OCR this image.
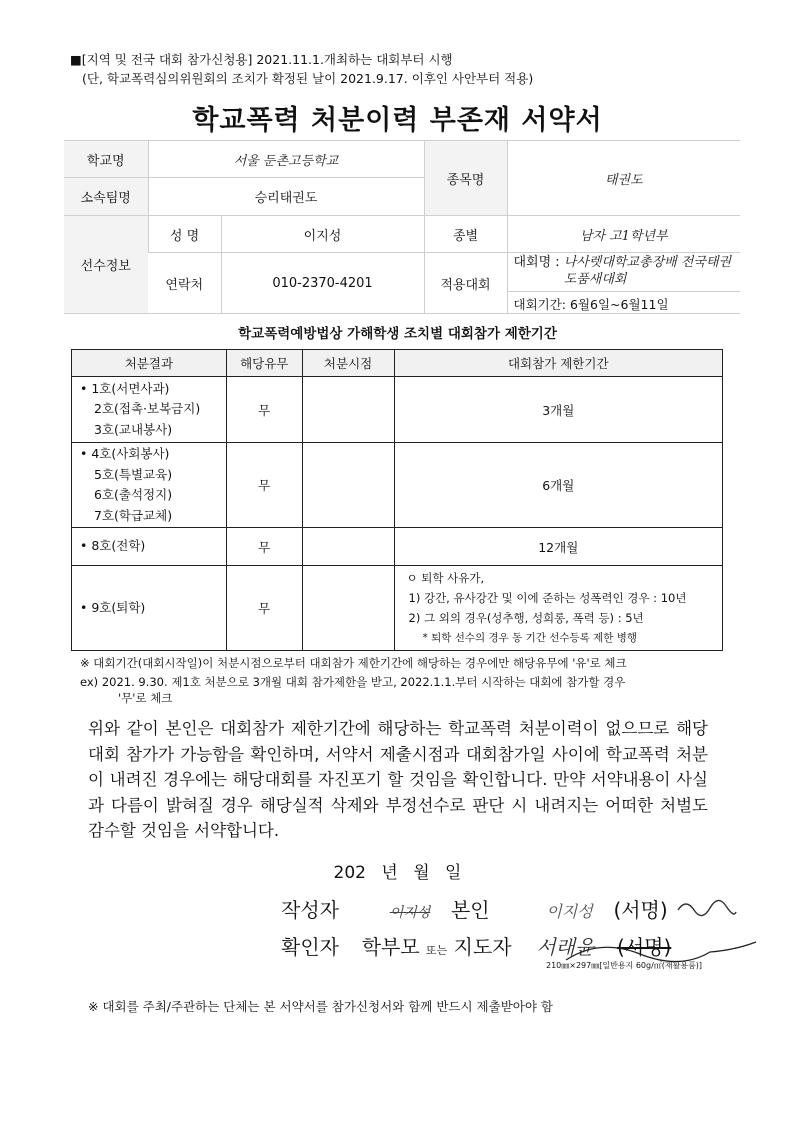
■[지역 및 전국 대회 참가신청용] 2021.11.1.개최하는 대회부터 시행
(단, 학교폭력심의위원회의 조치가 확정된 날이 2021.9.17. 이후인 사안부터 적용)
학교폭력 처분이력 부존재 서약서
학교명	서울 둔촌고등학교		종목명	태권도
소속팀명	승리태권도			
선수정보	성 명	이지성	종별	남자 고1학년부
	연락처	010-2370-4201	적용대회	대회명 : 나사렛대학교총장배 전국태권도품새대회
대회기간: 6월6일~6월11일
학교폭력예방법상 가해학생 조치별 대회참가 제한기간
처분결과	해당유무	처분시점	대회참가 제한기간

• 1호(서면사과)
2호(접촉·보복금지)
3호(교내봉사)	무		3개월

• 4호(사회봉사)
5호(특별교육)
6호(출석정지)
7호(학급교체)	무		6개월

• 8호(전학)	무		12개월

• 9호(퇴학)	무		ㅇ 퇴학 사유가,
1) 강간, 유사강간 및 이에 준하는 성폭력인 경우 : 10년
2) 그 외의 경우(성추행, 성희롱, 폭력 등) : 5년
* 퇴학 선수의 경우 동 기간 선수등록 제한 병행
※ 대회기간(대회시작일)이 처분시점으로부터 대회참가 제한기간에 해당하는 경우에만 해당유무에 '유'로 체크
ex) 2021. 9.30. 제1호 처분으로 3개월 대회 참가제한을 받고, 2022.1.1.부터 시작하는 대회에 참가할 경우
'무'로 체크
위와 같이 본인은 대회참가 제한기간에 해당하는 학교폭력 처분이력이 없으므로 해당 대회 참가가 가능함을 확인하며, 서약서 제출시점과 대회참가일 사이에 학교폭력 처분이 내려진 경우에는 해당대회를 자진포기 할 것임을 확인합니다. 만약 서약내용이 사실과 다름이 밝혀질 경우 해당실적 삭제와 부정선수로 판단 시 내려지는 어떠한 처벌도 감수할 것임을 서약합니다.
202 년 월 일
작성자	이지성 본인	이지성 (서명)
확인자 학부모 또는 지도자 서래윤 (서명)
210㎜×297㎜[일반용지 60g/㎡(재활용품)]
※ 대회를 주최/주관하는 단체는 본 서약서를 참가신청서와 함께 반드시 제출받아야 함
